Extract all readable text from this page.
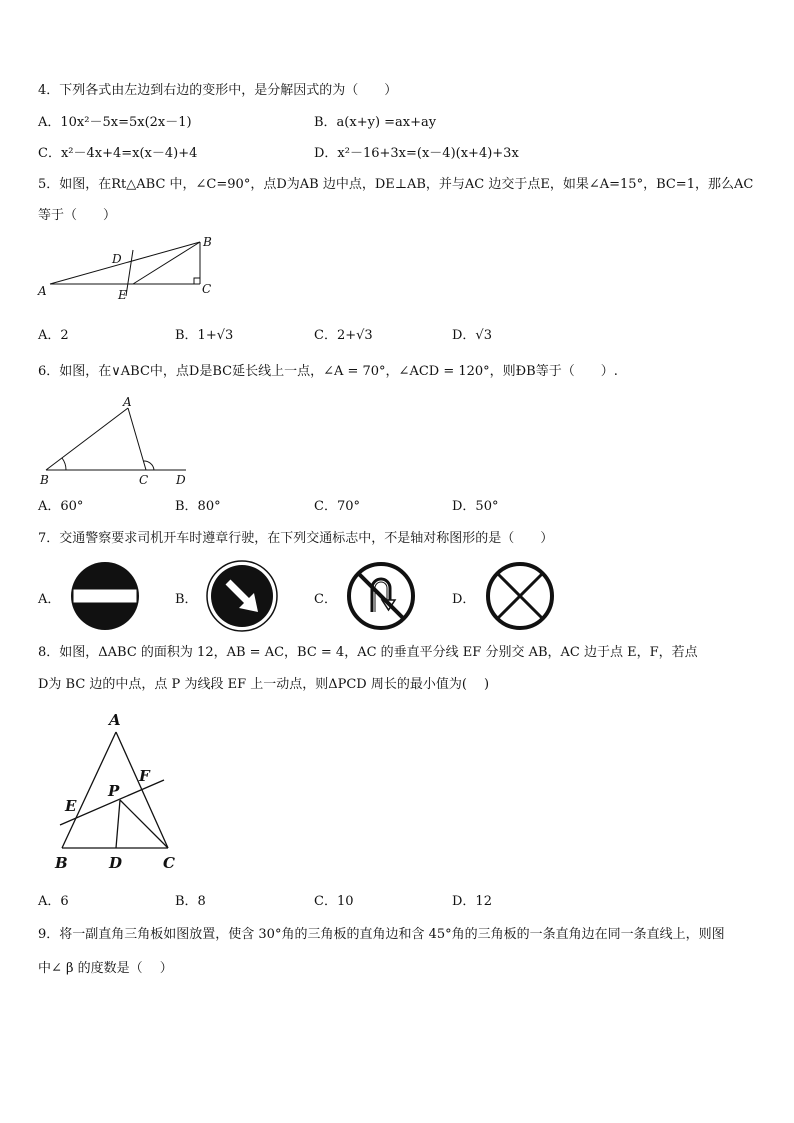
4．下列各式由左边到右边的变形中，是分解因式的为（　　）
A．10x²－5x=5x(2x－1)	B．a(x+y) =ax+ay
C．x²－4x+4=x(x－4)+4	D．x²－16+3x=(x－4)(x+4)+3x
5．如图，在Rt△ABC 中，∠C=90°，点D为AB 边中点，DE⊥AB，并与AC 边交于点E，如果∠A=15°，BC=1，那么AC
等于（　　）
A
B
C
D
E
A．2	B．1+√3	C．2+√3	D．√3
6．如图，在∨ABC中，点D是BC延长线上一点，∠A = 70°，∠ACD = 120°，则ÐB等于（　　）.
A
B	C D
A．60°	B．80°	C．70°	D．50°
7．交通警察要求司机开车时遵章行驶，在下列交通标志中，不是轴对称图形的是（　　）
A．	B．	C．	D．
8．如图，ΔABC 的面积为 12，AB = AC，BC = 4，AC 的垂直平分线 EF 分别交 AB，AC 边于点 E，F，若点
D为 BC 边的中点，点 P 为线段 EF 上一动点，则ΔPCD 周长的最小值为(　 )
A
B	C
D
E
F
P
A．6	B．8	C．10	D．12
9．将一副直角三角板如图放置，使含 30°角的三角板的直角边和含 45°角的三角板的一条直角边在同一条直线上，则图
中∠ β 的度数是（　 ）
